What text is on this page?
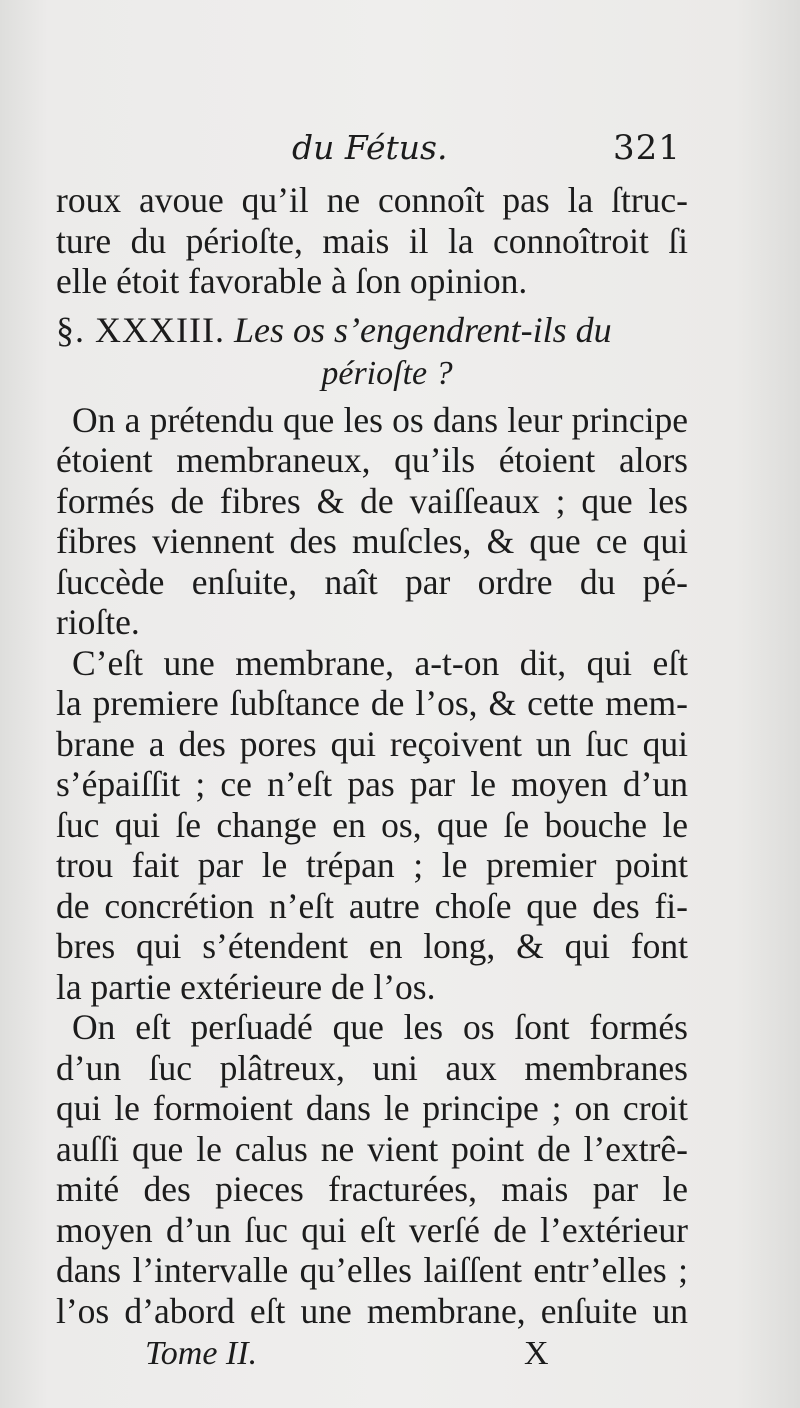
du Fétus.	321
roux avoue qu’il ne connoît pas la ſtruc-
ture du périoſte, mais il la connoîtroit ſi
elle étoit favorable à ſon opinion.
§. XXXIII. Les os s’engendrent-ils du
périoſte ?
On a prétendu que les os dans leur principe
étoient membraneux, qu’ils étoient alors
formés de fibres & de vaiſſeaux ; que les
fibres viennent des muſcles, & que ce qui
ſuccède enſuite, naît par ordre du pé-
rioſte.
C’eſt une membrane, a-t-on dit, qui eſt
la premiere ſubſtance de l’os, & cette mem-
brane a des pores qui reçoivent un ſuc qui
s’épaiſſit ; ce n’eſt pas par le moyen d’un
ſuc qui ſe change en os, que ſe bouche le
trou fait par le trépan ; le premier point
de concrétion n’eſt autre choſe que des fi-
bres qui s’étendent en long, & qui font
la partie extérieure de l’os.
On eſt perſuadé que les os ſont formés
d’un ſuc plâtreux, uni aux membranes
qui le formoient dans le principe ; on croit
auſſi que le calus ne vient point de l’extrê-
mité des pieces fracturées, mais par le
moyen d’un ſuc qui eſt verſé de l’extérieur
dans l’intervalle qu’elles laiſſent entr’elles ;
l’os d’abord eſt une membrane, enſuite un
Tome II.	X
